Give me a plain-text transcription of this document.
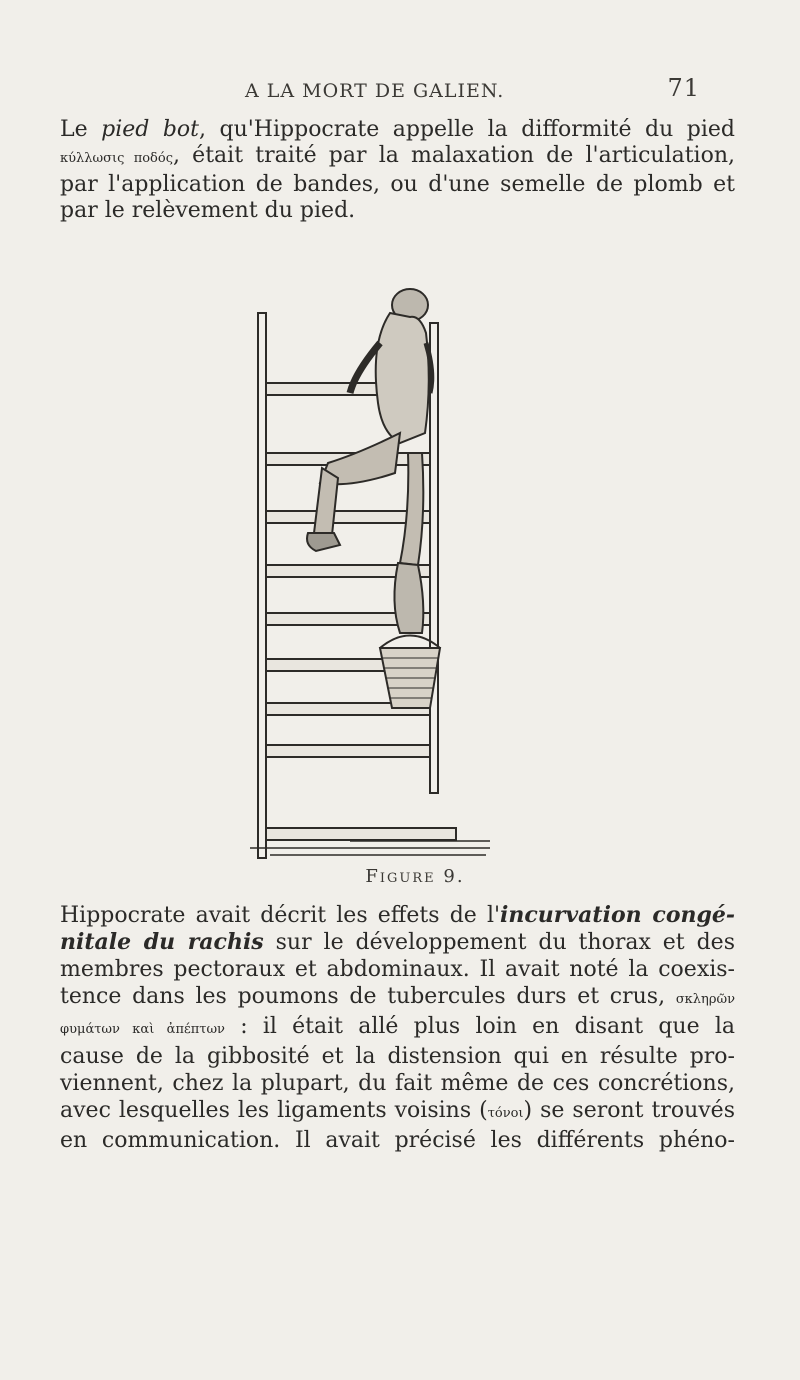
A LA MORT DE GALIEN.	71
Le pied bot, qu'Hippocrate appelle la difformité du pied
κύλλωσις ποδός, était traité par la malaxation de l'articulation,
par l'application de bandes, ou d'une semelle de plomb et
par le relèvement du pied.
Figure 9.
Hippocrate avait décrit les effets de l'incurvation congé-
nitale du rachis sur le développement du thorax et des
membres pectoraux et abdominaux. Il avait noté la coexis-
tence dans les poumons de tubercules durs et crus, σκληρῶν
φυμάτων καὶ ἀπέπτων : il était allé plus loin en disant que la
cause de la gibbosité et la distension qui en résulte pro-
viennent, chez la plupart, du fait même de ces concrétions,
avec lesquelles les ligaments voisins (τόνοι) se seront trouvés
en communication. Il avait précisé les différents phéno-
